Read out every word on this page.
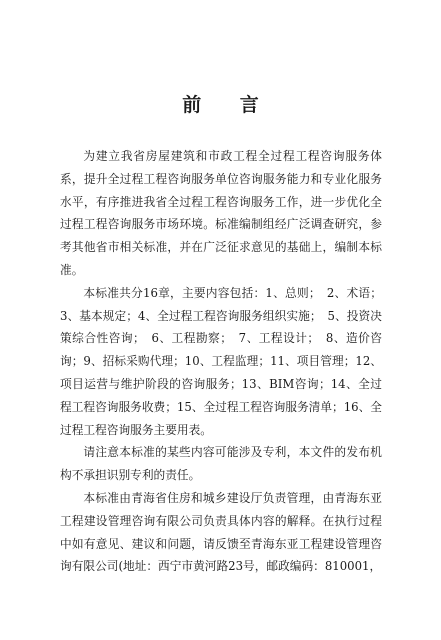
前 言

为建立我省房屋建筑和市政工程全过程工程咨询服务体系，提升全过程工程咨询服务单位咨询服务能力和专业化服务水平，有序推进我省全过程工程咨询服务工作，进一步优化全过程工程咨询服务市场环境。标准编制组经广泛调查研究，参考其他省市相关标准，并在广泛征求意见的基础上，编制本标准。

本标准共分16章，主要内容包括：1、总则；　2、术语；3、基本规定；4、全过程工程咨询服务组织实施；　5、投资决策综合性咨询；　6、工程勘察；　7、工程设计；　8、造价咨询；9、招标采购代理；10、工程监理；11、项目管理；12、项目运营与维护阶段的咨询服务；13、BIM咨询；14、全过程工程咨询服务收费；15、全过程工程咨询服务清单；16、全过程工程咨询服务主要用表。

请注意本标准的某些内容可能涉及专利，本文件的发布机构不承担识别专利的责任。

本标准由青海省住房和城乡建设厅负责管理，由青海东亚工程建设管理咨询有限公司负责具体内容的解释。在执行过程中如有意见、建议和问题，请反馈至青海东亚工程建设管理咨询有限公司(地址：西宁市黄河路23号，邮政编码：810001，
